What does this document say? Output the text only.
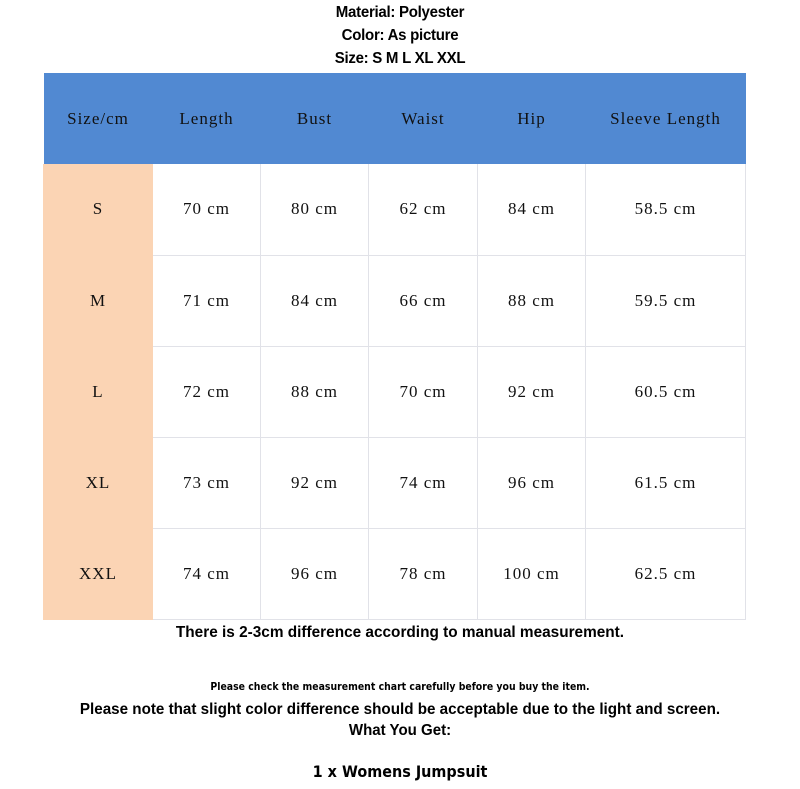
Material: Polyester
Color: As picture
Size: S M L XL XXL
Size/cm	Length	Bust	Waist	Hip	Sleeve Length
S	70 cm	80 cm	62 cm	84 cm	58.5 cm
M	71 cm	84 cm	66 cm	88 cm	59.5 cm
L	72 cm	88 cm	70 cm	92 cm	60.5 cm
XL	73 cm	92 cm	74 cm	96 cm	61.5 cm
XXL	74 cm	96 cm	78 cm	100 cm	62.5 cm
There is 2-3cm difference according to manual measurement.
Please check the measurement chart carefully before you buy the item.
Please note that slight color difference should be acceptable due to the light and screen.
What You Get:
1 x Womens Jumpsuit
